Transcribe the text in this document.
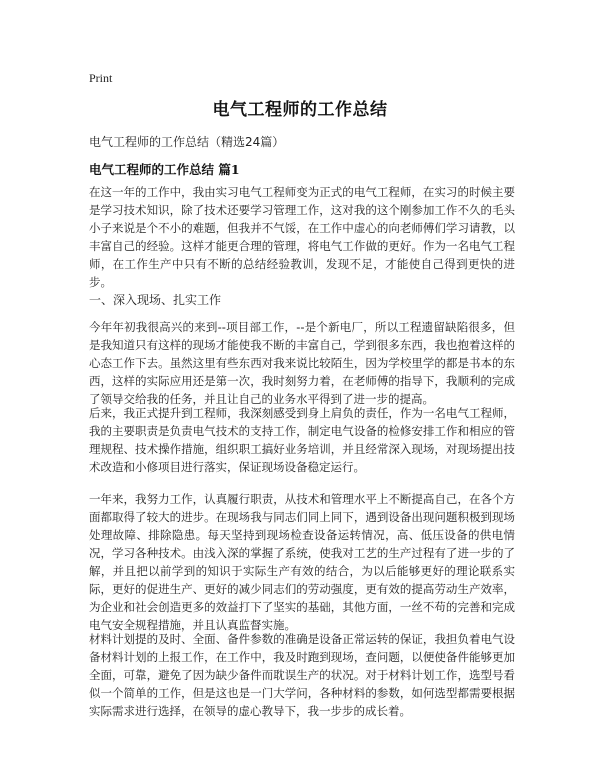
Print
电气工程师的工作总结
电气工程师的工作总结（精选24篇）
电气工程师的工作总结 篇1
在这一年的工作中，我由实习电气工程师变为正式的电气工程师，在实习的时候主要是学习技术知识，除了技术还要学习管理工作，这对我的这个刚参加工作不久的毛头小子来说是个不小的难题，但我并不气馁，在工作中虚心的向老师傅们学习请教，以丰富自己的经验。这样才能更合理的管理，将电气工作做的更好。作为一名电气工程师，在工作生产中只有不断的总结经验教训，发现不足，才能使自己得到更快的进步。
一、深入现场、扎实工作
今年年初我很高兴的来到--项目部工作，--是个新电厂，所以工程遗留缺陷很多，但是我知道只有这样的现场才能使我不断的丰富自己，学到很多东西，我也抱着这样的心态工作下去。虽然这里有些东西对我来说比较陌生，因为学校里学的都是书本的东西，这样的实际应用还是第一次，我时刻努力着，在老师傅的指导下，我顺利的完成了领导交给我的任务，并且让自己的业务水平得到了进一步的提高。
后来，我正式提升到工程师，我深刻感受到身上肩负的责任，作为一名电气工程师，我的主要职责是负责电气技术的支持工作，制定电气设备的检修安排工作和相应的管理规程、技术操作措施，组织职工搞好业务培训，并且经常深入现场，对现场提出技术改造和小修项目进行落实，保证现场设备稳定运行。
一年来，我努力工作，认真履行职责，从技术和管理水平上不断提高自己，在各个方面都取得了较大的进步。在现场我与同志们同上同下，遇到设备出现问题积极到现场处理故障、排除隐患。每天坚持到现场检查设备运转情况，高、低压设备的供电情况，学习各种技术。由浅入深的掌握了系统，使我对工艺的生产过程有了进一步的了解，并且把以前学到的知识于实际生产有效的结合，为以后能够更好的理论联系实际，更好的促进生产、更好的减少同志们的劳动强度，更有效的提高劳动生产效率，为企业和社会创造更多的效益打下了坚实的基础，其他方面，一丝不苟的完善和完成电气安全规程措施，并且认真监督实施。
材料计划提的及时、全面、备件参数的准确是设备正常运转的保证，我担负着电气设备材料计划的上报工作，在工作中，我及时跑到现场，查问题，以便使备件能够更加全面，可靠，避免了因为缺少备件而耽误生产的状况。对于材料计划工作，选型号看似一个简单的工作，但是这也是一门大学问，各种材料的参数，如何选型都需要根据实际需求进行选择，在领导的虚心教导下，我一步步的成长着。
